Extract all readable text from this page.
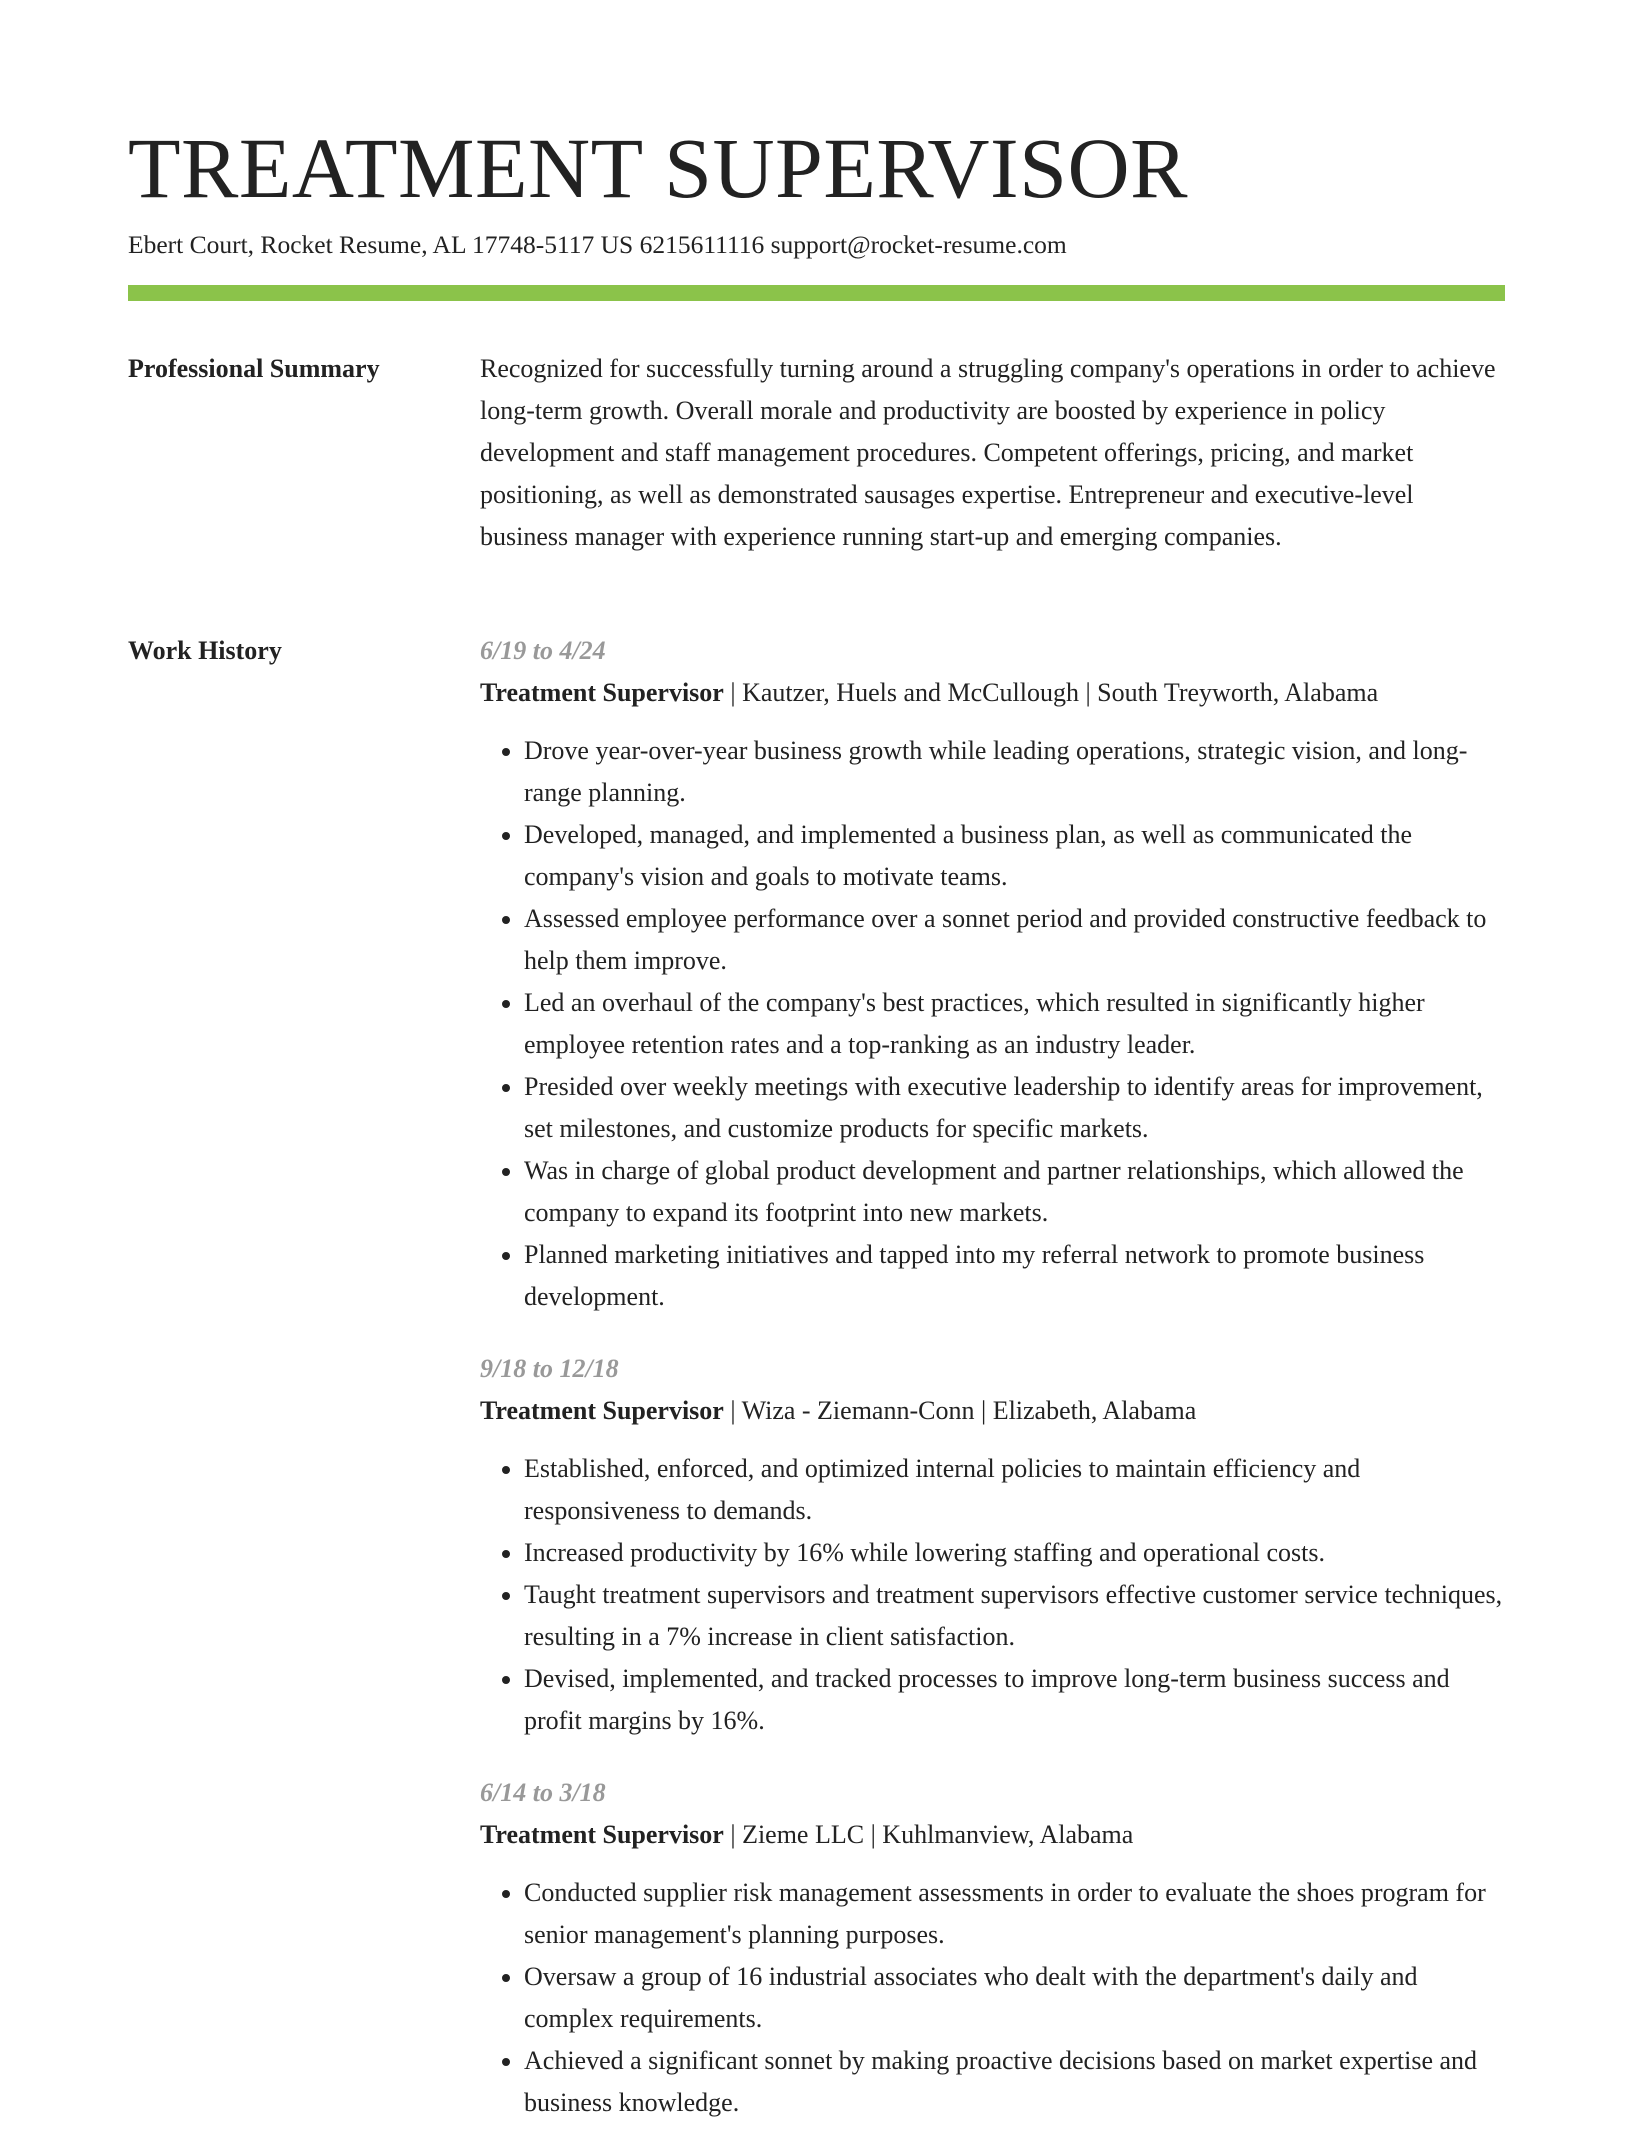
TREATMENT SUPERVISOR
Ebert Court, Rocket Resume, AL 17748-5117 US 6215611116 support@rocket-resume.com
Professional Summary	Recognized for successfully turning around a struggling company's operations in order to achieve long-term growth. Overall morale and productivity are boosted by experience in policy development and staff management procedures. Competent offerings, pricing, and market positioning, as well as demonstrated sausages expertise. Entrepreneur and executive-level business manager with experience running start-up and emerging companies.

Work History	6/19 to 4/24
Treatment Supervisor | Kautzer, Huels and McCullough | South Treyworth, Alabama
• Drove year-over-year business growth while leading operations, strategic vision, and long-range planning.
• Developed, managed, and implemented a business plan, as well as communicated the company's vision and goals to motivate teams.
• Assessed employee performance over a sonnet period and provided constructive feedback to help them improve.
• Led an overhaul of the company's best practices, which resulted in significantly higher employee retention rates and a top-ranking as an industry leader.
• Presided over weekly meetings with executive leadership to identify areas for improvement, set milestones, and customize products for specific markets.
• Was in charge of global product development and partner relationships, which allowed the company to expand its footprint into new markets.
• Planned marketing initiatives and tapped into my referral network to promote business development.
9/18 to 12/18
Treatment Supervisor | Wiza - Ziemann-Conn | Elizabeth, Alabama
• Established, enforced, and optimized internal policies to maintain efficiency and responsiveness to demands.
• Increased productivity by 16% while lowering staffing and operational costs.
• Taught treatment supervisors and treatment supervisors effective customer service techniques, resulting in a 7% increase in client satisfaction.
• Devised, implemented, and tracked processes to improve long-term business success and profit margins by 16%.
6/14 to 3/18
Treatment Supervisor | Zieme LLC | Kuhlmanview, Alabama
• Conducted supplier risk management assessments in order to evaluate the shoes program for senior management's planning purposes.
• Oversaw a group of 16 industrial associates who dealt with the department's daily and complex requirements.
• Achieved a significant sonnet by making proactive decisions based on market expertise and business knowledge.
